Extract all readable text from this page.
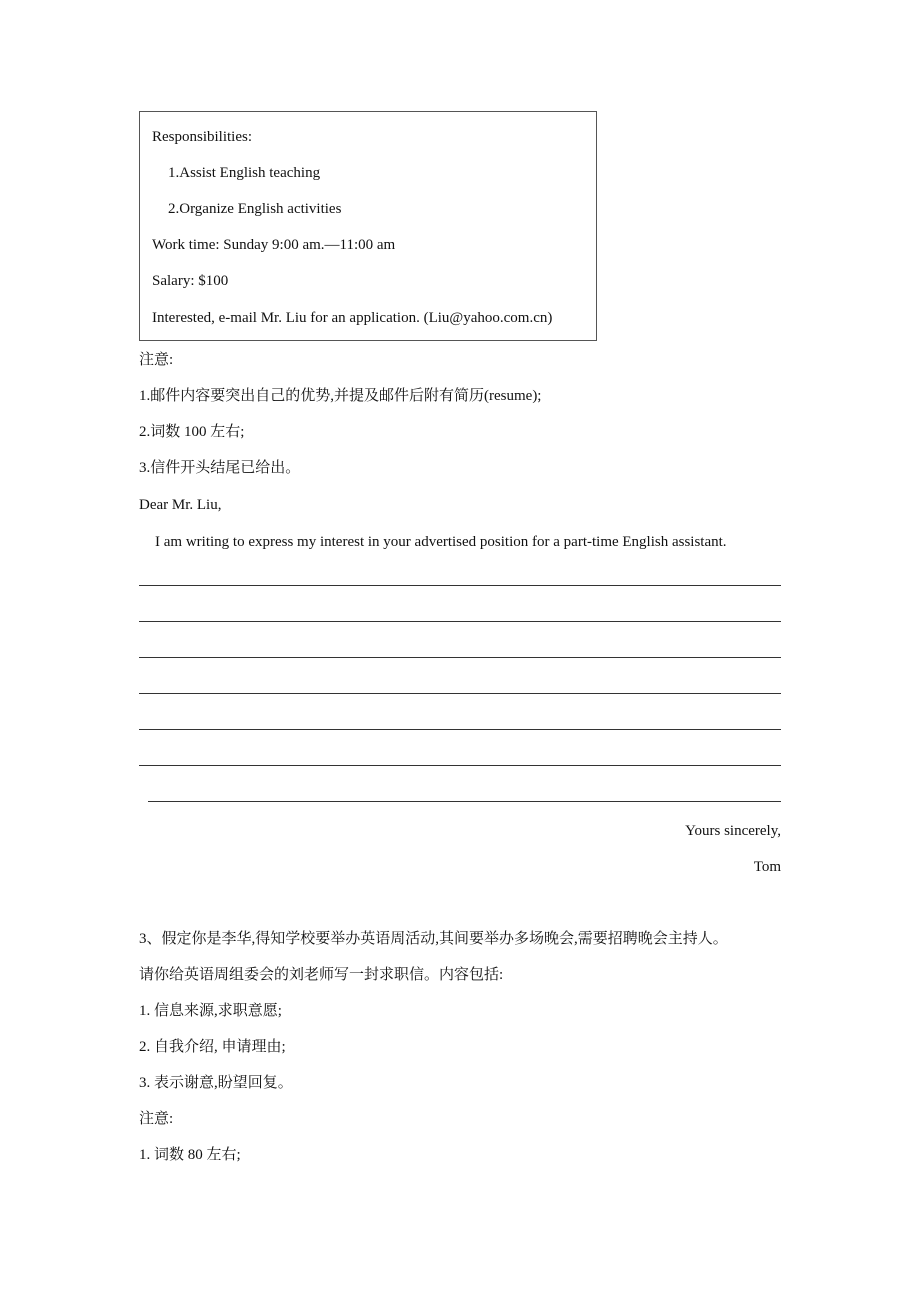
Responsibilities:
1.Assist English teaching
2.Organize English activities
Work time: Sunday 9:00 am.—11:00 am
Salary: $100
Interested, e-mail Mr. Liu for an application. (Liu@yahoo.com.cn)
注意:
1.邮件内容要突出自己的优势,并提及邮件后附有简历(resume);
2.词数 100 左右;
3.信件开头结尾已给出。
Dear Mr. Liu,
I am writing to express my interest in your advertised position for a part-time English assistant.
Yours sincerely,
Tom
3、假定你是李华,得知学校要举办英语周活动,其间要举办多场晚会,需要招聘晚会主持人。
请你给英语周组委会的刘老师写一封求职信。内容包括:
1. 信息来源,求职意愿;
2. 自我介绍, 申请理由;
3. 表示谢意,盼望回复。
注意:
1. 词数 80 左右;
